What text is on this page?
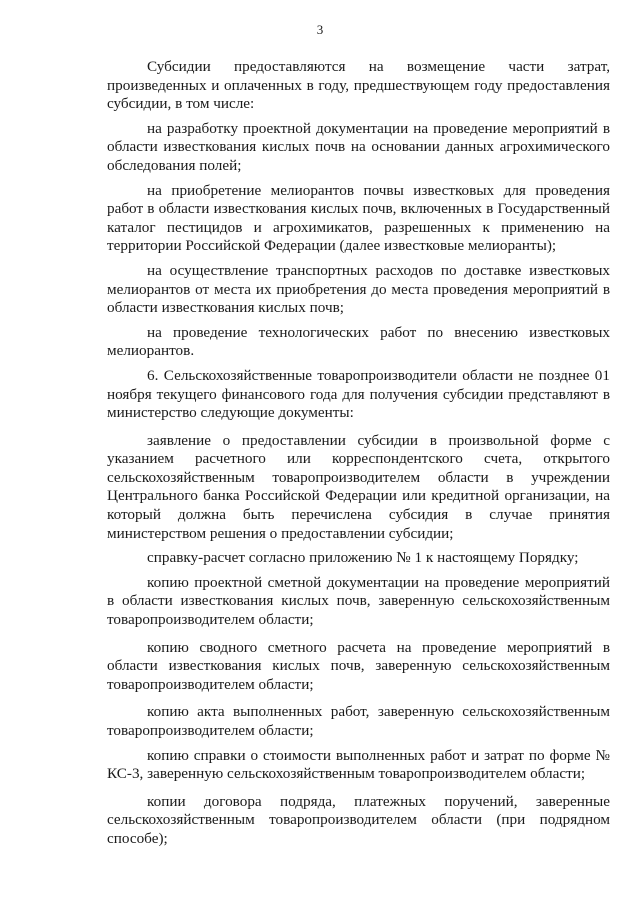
3

Субсидии предоставляются на возмещение части затрат, произведенных и оплаченных в году, предшествующем году предоставления субсидии, в том числе:

на разработку проектной документации на проведение мероприятий в области известкования кислых почв на основании данных агрохимического обследования полей;

на приобретение мелиорантов почвы известковых для проведения работ в области известкования кислых почв, включенных в Государственный каталог пестицидов и агрохимикатов, разрешенных к применению на территории Российской Федерации (далее известковые мелиоранты);

на осуществление транспортных расходов по доставке известковых мелиорантов от места их приобретения до места проведения мероприятий в области известкования кислых почв;

на проведение технологических работ по внесению известковых мелиорантов.

6. Сельскохозяйственные товаропроизводители области не позднее 01 ноября текущего финансового года для получения субсидии представляют в министерство следующие документы:

заявление о предоставлении субсидии в произвольной форме с указанием расчетного или корреспондентского счета, открытого сельскохозяйственным товаропроизводителем области в учреждении Центрального банка Российской Федерации или кредитной организации, на который должна быть перечислена субсидия в случае принятия министерством решения о предоставлении субсидии;

справку-расчет согласно приложению № 1 к настоящему Порядку;

копию проектной сметной документации на проведение мероприятий в области известкования кислых почв, заверенную сельскохозяйственным товаропроизводителем области;

копию сводного сметного расчета на проведение мероприятий в области известкования кислых почв, заверенную сельскохозяйственным товаропроизводителем области;

копию акта выполненных работ, заверенную сельскохозяйственным товаропроизводителем области;

копию справки о стоимости выполненных работ и затрат по форме № КС-3, заверенную сельскохозяйственным товаропроизводителем области;

копии договора подряда, платежных поручений, заверенные сельскохозяйственным товаропроизводителем области (при подрядном способе);
